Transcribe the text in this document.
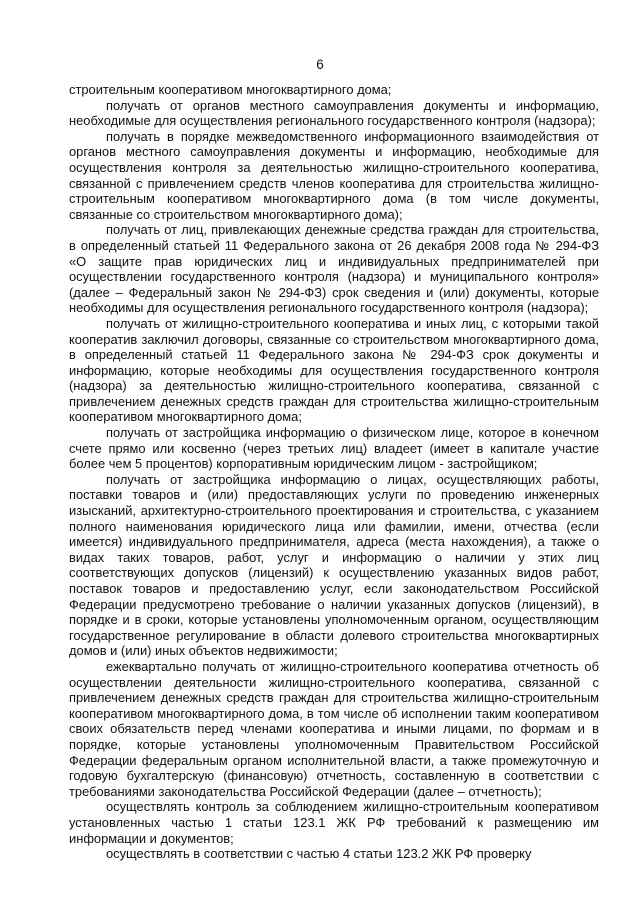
6

строительным кооперативом многоквартирного дома;

получать от органов местного самоуправления документы и информацию, необходимые для осуществления регионального государственного контроля (надзора);

получать в порядке межведомственного информационного взаимодействия от органов местного самоуправления документы и информацию, необходимые для осуществления контроля за деятельностью жилищно-строительного кооператива, связанной с привлечением средств членов кооператива для строительства жилищно-строительным кооперативом многоквартирного дома (в том числе документы, связанные со строительством многоквартирного дома);

получать от лиц, привлекающих денежные средства граждан для строительства, в определенный статьей 11 Федерального закона от 26 декабря 2008 года № 294-ФЗ «О защите прав юридических лиц и индивидуальных предпринимателей при осуществлении государственного контроля (надзора) и муниципального контроля» (далее – Федеральный закон № 294-ФЗ) срок сведения и (или) документы, которые необходимы для осуществления регионального государственного контроля (надзора);

получать от жилищно-строительного кооператива и иных лиц, с которыми такой кооператив заключил договоры, связанные со строительством многоквартирного дома, в определенный статьей 11 Федерального закона № 294-ФЗ срок документы и информацию, которые необходимы для осуществления государственного контроля (надзора) за деятельностью жилищно-строительного кооператива, связанной с привлечением денежных средств граждан для строительства жилищно-строительным кооперативом многоквартирного дома;

получать от застройщика информацию о физическом лице, которое в конечном счете прямо или косвенно (через третьих лиц) владеет (имеет в капитале участие более чем 5 процентов) корпоративным юридическим лицом - застройщиком;

получать от застройщика информацию о лицах, осуществляющих работы, поставки товаров и (или) предоставляющих услуги по проведению инженерных изысканий, архитектурно-строительного проектирования и строительства, с указанием полного наименования юридического лица или фамилии, имени, отчества (если имеется) индивидуального предпринимателя, адреса (места нахождения), а также о видах таких товаров, работ, услуг и информацию о наличии у этих лиц соответствующих допусков (лицензий) к осуществлению указанных видов работ, поставок товаров и предоставлению услуг, если законодательством Российской Федерации предусмотрено требование о наличии указанных допусков (лицензий), в порядке и в сроки, которые установлены уполномоченным органом, осуществляющим государственное регулирование в области долевого строительства многоквартирных домов и (или) иных объектов недвижимости;

ежеквартально получать от жилищно-строительного кооператива отчетность об осуществлении деятельности жилищно-строительного кооператива, связанной с привлечением денежных средств граждан для строительства жилищно-строительным кооперативом многоквартирного дома, в том числе об исполнении таким кооперативом своих обязательств перед членами кооператива и иными лицами, по формам и в порядке, которые установлены уполномоченным Правительством Российской Федерации федеральным органом исполнительной власти, а также промежуточную и годовую бухгалтерскую (финансовую) отчетность, составленную в соответствии с требованиями законодательства Российской Федерации (далее – отчетность);

осуществлять контроль за соблюдением жилищно-строительным кооперативом установленных частью 1 статьи 123.1 ЖК РФ требований к размещению им информации и документов;

осуществлять в соответствии с частью 4 статьи 123.2 ЖК РФ проверку
